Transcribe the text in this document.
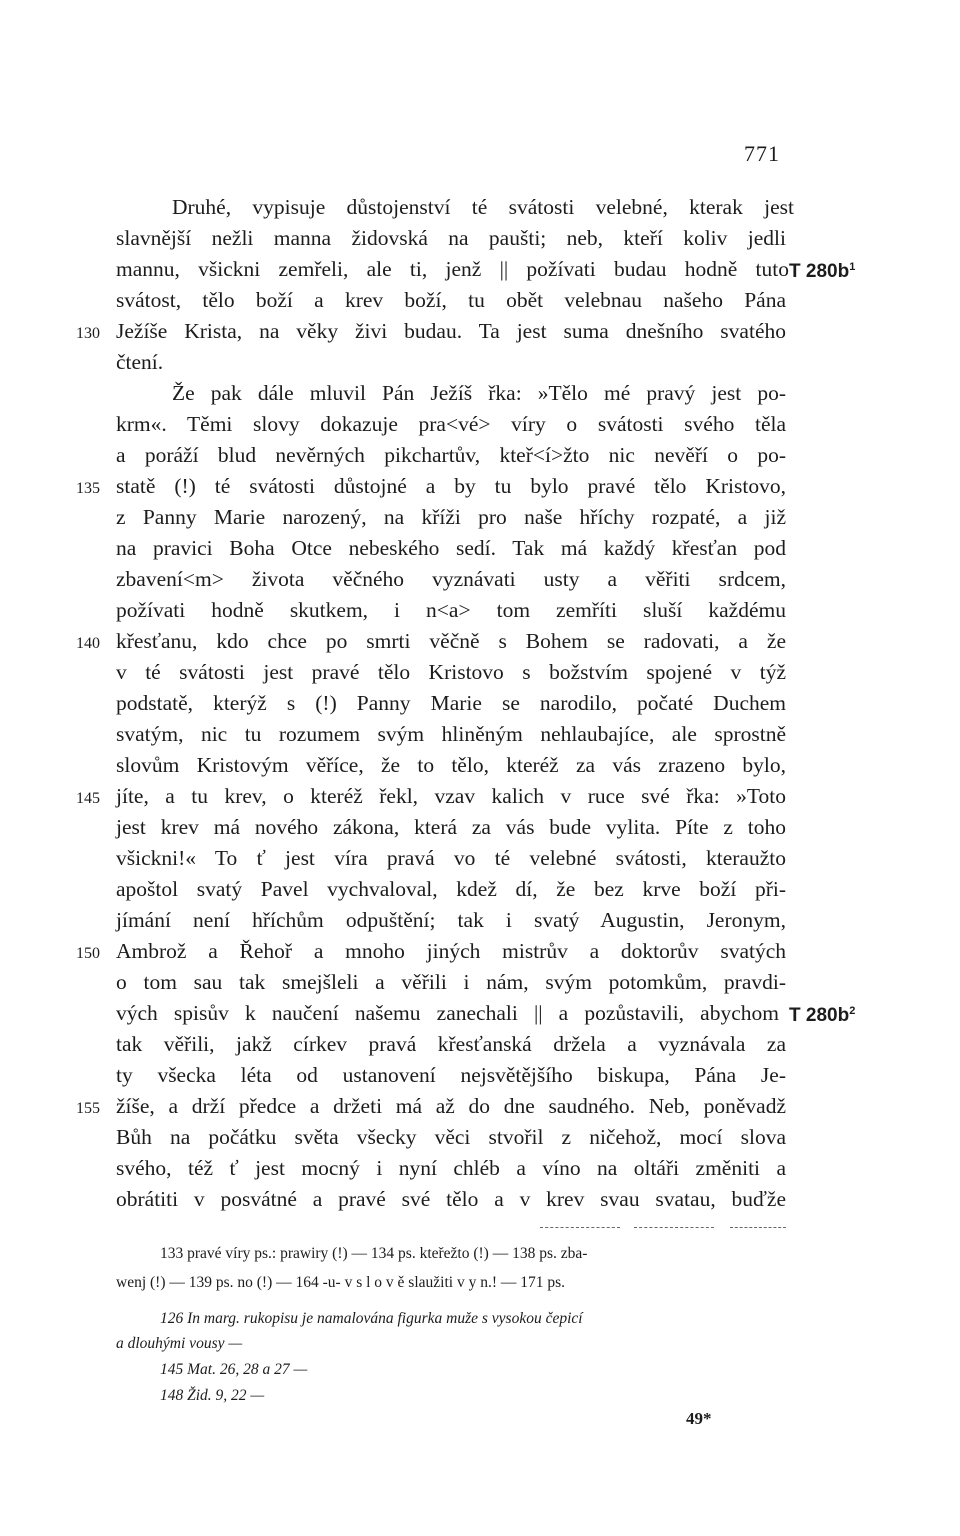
771
Druhé, vypisuje důstojenství té svátosti velebné, kterak jest
slavnější nežli manna židovská na paušti; neb, kteří koliv jedli
mannu, všickni zemřeli, ale ti, jenž || požívati budau hodně tuto
svátost, tělo boží a krev boží, tu obět velebnau našeho Pána
Ježíše Krista, na věky živi budau. Ta jest suma dnešního svatého
čtení.
Že pak dále mluvil Pán Ježíš řka: »Tělo mé pravý jest po-
krm«. Těmi slovy dokazuje pra<vé> víry o svátosti svého těla
a poráží blud nevěrných pikchartův, kteř<í>žto nic nevěří o po-
statě (!) té svátosti důstojné a by tu bylo pravé tělo Kristovo,
z Panny Marie narozený, na kříži pro naše hříchy rozpaté, a již
na pravici Boha Otce nebeského sedí. Tak má každý křesťan pod
zbavení<m> života věčného vyznávati usty a věřiti srdcem,
požívati hodně skutkem, i n<a> tom zemříti sluší každému
křesťanu, kdo chce po smrti věčně s Bohem se radovati, a že
v té svátosti jest pravé tělo Kristovo s božstvím spojené v týž
podstatě, kterýž s (!) Panny Marie se narodilo, počaté Duchem
svatým, nic tu rozumem svým hliněným nehlaubajíce, ale sprostně
slovům Kristovým věříce, že to tělo, kteréž za vás zrazeno bylo,
jíte, a tu krev, o kteréž řekl, vzav kalich v ruce své řka: »Toto
jest krev má nového zákona, která za vás bude vylita. Píte z toho
všickni!« To ť jest víra pravá vo té velebné svátosti, kteraužto
apoštol svatý Pavel vychvaloval, kdež dí, že bez krve boží při-
jímání není hříchům odpuštění; tak i svatý Augustin, Jeronym,
Ambrož a Řehoř a mnoho jiných mistrův a doktorův svatých
o tom sau tak smejšleli a věřili i nám, svým potomkům, pravdi-
vých spisův k naučení našemu zanechali || a pozůstavili, abychom
tak věřili, jakž církev pravá křesťanská držela a vyznávala za
ty všecka léta od ustanovení nejsvětějšího biskupa, Pána Je-
žíše, a drží předce a držeti má až do dne saudného. Neb, poněvadž
Bůh na počátku světa všecky věci stvořil z ničehož, mocí slova
svého, též ť jest mocný i nyní chléb a víno na oltáři změniti a
obrátiti v posvátné a pravé své tělo a v krev svau svatau, buďže
130
135
140
145
150
155
T $280b^1$
T $280b^2$
133 pravé víry ps.: prawiry (!) — 134 ps. kteřežto (!) — 138 ps. zba-
wenj (!) — 139 ps. no (!) — 164 -u- v s l o v ě slaužiti v y n.! — 171 ps.
126 In marg. rukopisu je namalována figurka muže s vysokou čepicí
a dlouhými vousy —
145 Mat. 26, 28 a 27 —
148 Žid. 9, 22 —
49*
